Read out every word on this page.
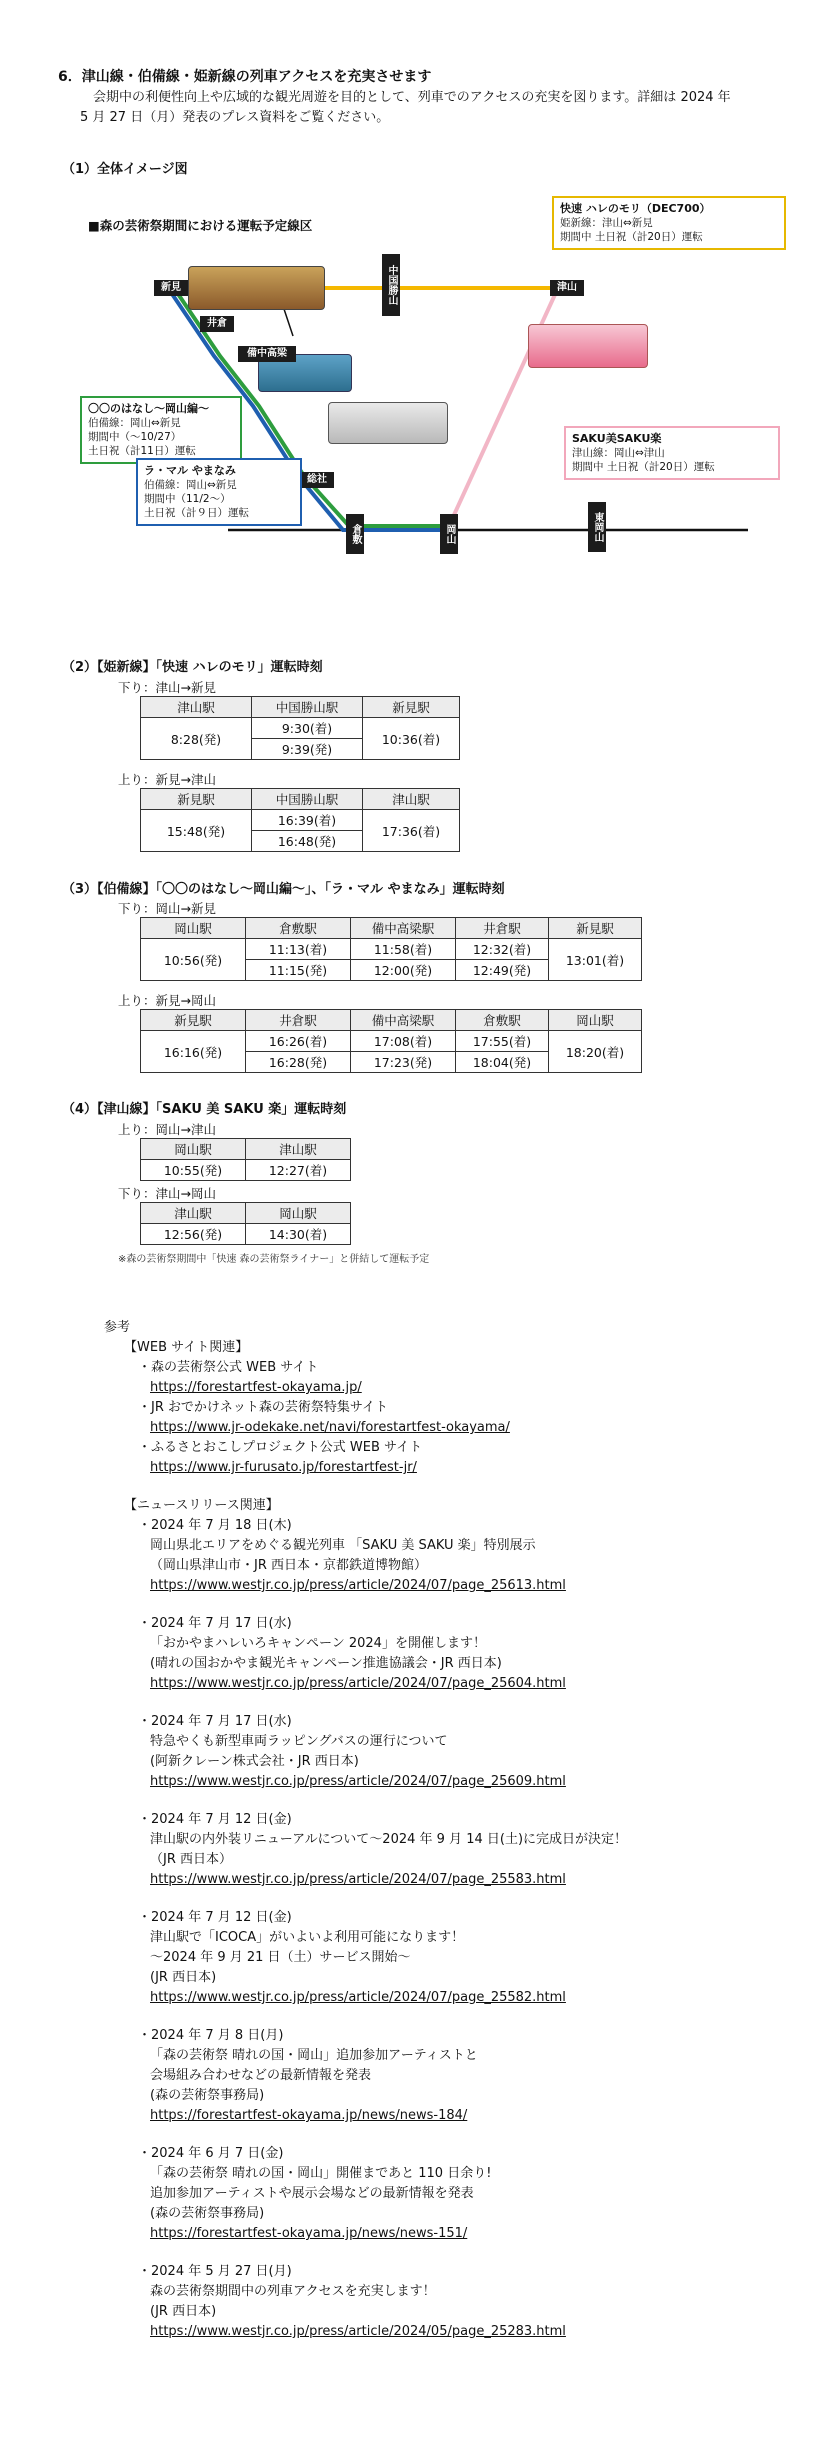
6．津山線・伯備線・姫新線の列車アクセスを充実させます
会期中の利便性向上や広域的な観光周遊を目的として、列車でのアクセスの充実を図ります。詳細は 2024 年 5 月 27 日（月）発表のプレス資料をご覧ください。
（1）全体イメージ図
■森の芸術祭期間における運転予定線区
新見
井倉
備中高梁
中国勝山	津山
総社
倉敷	岡山	東岡山
快速 ハレのモリ（DEC700）
姫新線：津山⇔新見
期間中 土日祝（計20日）運転
〇〇のはなし～岡山編～
伯備線：岡山⇔新見
期間中（～10/27）
土日祝（計11日）運転
ラ・マル やまなみ
伯備線：岡山⇔新見
期間中（11/2～）
土日祝（計９日）運転
SAKU美SAKU楽
津山線：岡山⇔津山
期間中 土日祝（計20日）運転
（2）【姫新線】「快速 ハレのモリ」運転時刻
下り：津山→新見
津山駅	中国勝山駅	新見駅
8:28(発)	9:30(着)	10:36(着)
	9:39(発)	
上り：新見→津山
新見駅	中国勝山駅	津山駅
15:48(発)	16:39(着)	17:36(着)
	16:48(発)	
（3）【伯備線】「〇〇のはなし～岡山編～」、「ラ・マル やまなみ」運転時刻
下り：岡山→新見
岡山駅	倉敷駅	備中高梁駅	井倉駅	新見駅
10:56(発)	11:13(着)	11:58(着)	12:32(着)	13:01(着)
	11:15(発)	12:00(発)	12:49(発)	
上り：新見→岡山
新見駅	井倉駅	備中高梁駅	倉敷駅	岡山駅
16:16(発)	16:26(着)	17:08(着)	17:55(着)	18:20(着)
	16:28(発)	17:23(発)	18:04(発)	
（4）【津山線】「SAKU 美 SAKU 楽」運転時刻
上り：岡山→津山
岡山駅	津山駅
10:55(発)	12:27(着)
下り：津山→岡山
津山駅	岡山駅
12:56(発)	14:30(着)
※森の芸術祭期間中「快速 森の芸術祭ライナー」と併結して運転予定
参考
【WEB サイト関連】
・森の芸術祭公式 WEB サイト
https://forestartfest-okayama.jp/
・JR おでかけネット森の芸術祭特集サイト
https://www.jr-odekake.net/navi/forestartfest-okayama/
・ふるさとおこしプロジェクト公式 WEB サイト
https://www.jr-furusato.jp/forestartfest-jr/
【ニュースリリース関連】
・2024 年 7 月 18 日(木)
岡山県北エリアをめぐる観光列車 「SAKU 美 SAKU 楽」特別展示
（岡山県津山市・JR 西日本・京都鉄道博物館）
https://www.westjr.co.jp/press/article/2024/07/page_25613.html
・2024 年 7 月 17 日(水)
「おかやまハレいろキャンペーン 2024」を開催します！
(晴れの国おかやま観光キャンペーン推進協議会・JR 西日本)
https://www.westjr.co.jp/press/article/2024/07/page_25604.html
・2024 年 7 月 17 日(水)
特急やくも新型車両ラッピングバスの運行について
(阿新クレーン株式会社・JR 西日本)
https://www.westjr.co.jp/press/article/2024/07/page_25609.html
・2024 年 7 月 12 日(金)
津山駅の内外装リニューアルについて～2024 年 9 月 14 日(土)に完成日が決定！
（JR 西日本）
https://www.westjr.co.jp/press/article/2024/07/page_25583.html
・2024 年 7 月 12 日(金)
津山駅で「ICOCA」がいよいよ利用可能になります！
～2024 年 9 月 21 日（土）サービス開始～
(JR 西日本)
https://www.westjr.co.jp/press/article/2024/07/page_25582.html
・2024 年 7 月 8 日(月)
「森の芸術祭 晴れの国・岡山」追加参加アーティストと
会場組み合わせなどの最新情報を発表
(森の芸術祭事務局)
https://forestartfest-okayama.jp/news/news-184/
・2024 年 6 月 7 日(金)
「森の芸術祭 晴れの国・岡山」開催まであと 110 日余り!
追加参加アーティストや展示会場などの最新情報を発表
(森の芸術祭事務局)
https://forestartfest-okayama.jp/news/news-151/
・2024 年 5 月 27 日(月)
森の芸術祭期間中の列車アクセスを充実します！
(JR 西日本)
https://www.westjr.co.jp/press/article/2024/05/page_25283.html
